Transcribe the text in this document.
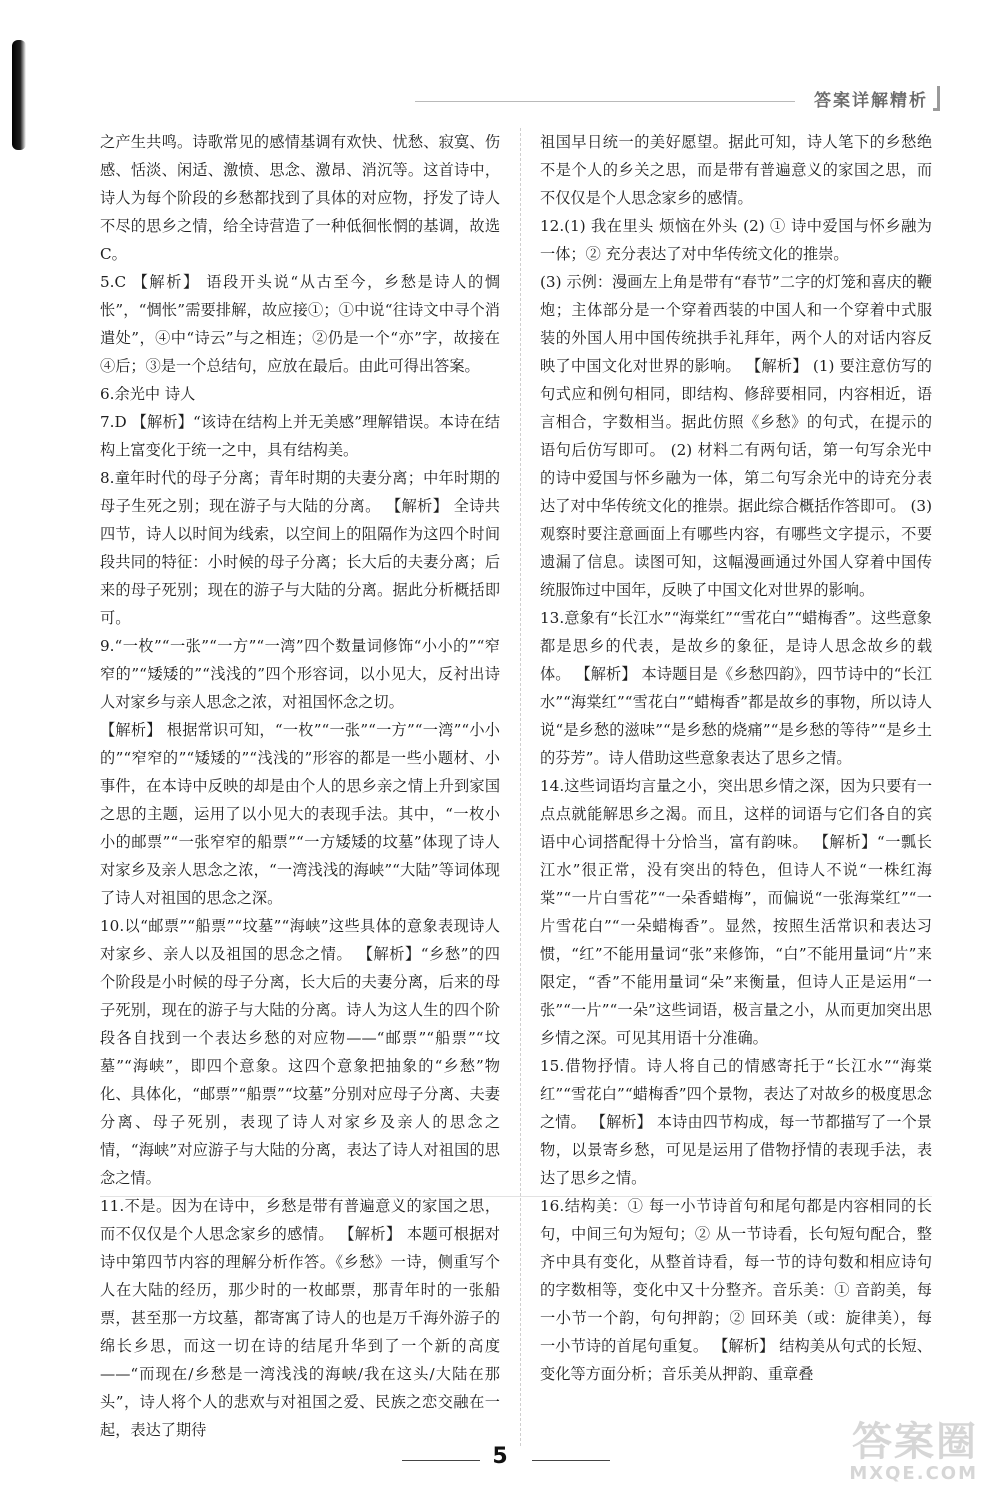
答案详解精析
之产生共鸣。诗歌常见的感情基调有欢快、忧愁、寂寞、伤感、恬淡、闲适、激愤、思念、激昂、消沉等。这首诗中，诗人为每个阶段的乡愁都找到了具体的对应物，抒发了诗人不尽的思乡之情，给全诗营造了一种低徊怅惘的基调，故选C。
5.C 【解析】 语段开头说“从古至今，乡愁是诗人的惆怅”，“惆怅”需要排解，故应接①；①中说“往诗文中寻个消遣处”，④中“诗云”与之相连；②仍是一个“亦”字，故接在④后；③是一个总结句，应放在最后。由此可得出答案。
6.余光中 诗人
7.D 【解析】“该诗在结构上并无美感”理解错误。本诗在结构上富变化于统一之中，具有结构美。
8.童年时代的母子分离；青年时期的夫妻分离；中年时期的母子生死之别；现在游子与大陆的分离。 【解析】 全诗共四节，诗人以时间为线索，以空间上的阻隔作为这四个时间段共同的特征：小时候的母子分离；长大后的夫妻分离；后来的母子死别；现在的游子与大陆的分离。据此分析概括即可。
9.“一枚”“一张”“一方”“一湾”四个数量词修饰“小小的”“窄窄的”“矮矮的”“浅浅的”四个形容词，以小见大，反衬出诗人对家乡与亲人思念之浓，对祖国怀念之切。
【解析】 根据常识可知，“一枚”“一张”“一方”“一湾”“小小的”“窄窄的”“矮矮的”“浅浅的”形容的都是一些小题材、小事件，在本诗中反映的却是由个人的思乡亲之情上升到家国之思的主题，运用了以小见大的表现手法。其中，“一枚小小的邮票”“一张窄窄的船票”“一方矮矮的坟墓”体现了诗人对家乡及亲人思念之浓，“一湾浅浅的海峡”“大陆”等词体现了诗人对祖国的思念之深。
10.以“邮票”“船票”“坟墓”“海峡”这些具体的意象表现诗人对家乡、亲人以及祖国的思念之情。 【解析】“乡愁”的四个阶段是小时候的母子分离，长大后的夫妻分离，后来的母子死别，现在的游子与大陆的分离。诗人为这人生的四个阶段各自找到一个表达乡愁的对应物——“邮票”“船票”“坟墓”“海峡”，即四个意象。这四个意象把抽象的“乡愁”物化、具体化，“邮票”“船票”“坟墓”分别对应母子分离、夫妻分离、母子死别，表现了诗人对家乡及亲人的思念之情，“海峡”对应游子与大陆的分离，表达了诗人对祖国的思念之情。
11.不是。因为在诗中，乡愁是带有普遍意义的家国之思，而不仅仅是个人思念家乡的感情。 【解析】 本题可根据对诗中第四节内容的理解分析作答。《乡愁》一诗，侧重写个人在大陆的经历，那少时的一枚邮票，那青年时的一张船票，甚至那一方坟墓，都寄寓了诗人的也是万千海外游子的绵长乡思，而这一切在诗的结尾升华到了一个新的高度——“而现在/乡愁是一湾浅浅的海峡/我在这头/大陆在那头”，诗人将个人的悲欢与对祖国之爱、民族之恋交融在一起，表达了期待
祖国早日统一的美好愿望。据此可知，诗人笔下的乡愁绝不是个人的乡关之思，而是带有普遍意义的家国之思，而不仅仅是个人思念家乡的感情。
12.(1) 我在里头 烦恼在外头 (2) ① 诗中爱国与怀乡融为一体；② 充分表达了对中华传统文化的推崇。
(3) 示例：漫画左上角是带有“春节”二字的灯笼和喜庆的鞭炮；主体部分是一个穿着西装的中国人和一个穿着中式服装的外国人用中国传统拱手礼拜年，两个人的对话内容反映了中国文化对世界的影响。 【解析】 (1) 要注意仿写的句式应和例句相同，即结构、修辞要相同，内容相近，语言相合，字数相当。据此仿照《乡愁》的句式，在提示的语句后仿写即可。 (2) 材料二有两句话，第一句写余光中的诗中爱国与怀乡融为一体，第二句写余光中的诗充分表达了对中华传统文化的推崇。据此综合概括作答即可。 (3) 观察时要注意画面上有哪些内容，有哪些文字提示，不要遗漏了信息。读图可知，这幅漫画通过外国人穿着中国传统服饰过中国年，反映了中国文化对世界的影响。
13.意象有“长江水”“海棠红”“雪花白”“蜡梅香”。这些意象都是思乡的代表，是故乡的象征，是诗人思念故乡的载体。 【解析】 本诗题目是《乡愁四韵》，四节诗中的“长江水”“海棠红”“雪花白”“蜡梅香”都是故乡的事物，所以诗人说“是乡愁的滋味”“是乡愁的烧痛”“是乡愁的等待”“是乡土的芬芳”。诗人借助这些意象表达了思乡之情。
14.这些词语均言量之小，突出思乡情之深，因为只要有一点点就能解思乡之渴。而且，这样的词语与它们各自的宾语中心词搭配得十分恰当，富有韵味。 【解析】“一瓢长江水”很正常，没有突出的特色，但诗人不说“一株红海棠”“一片白雪花”“一朵香蜡梅”，而偏说“一张海棠红”“一片雪花白”“一朵蜡梅香”。显然，按照生活常识和表达习惯，“红”不能用量词“张”来修饰，“白”不能用量词“片”来限定，“香”不能用量词“朵”来衡量，但诗人正是运用“一张”“一片”“一朵”这些词语，极言量之小，从而更加突出思乡情之深。可见其用语十分准确。
15.借物抒情。诗人将自己的情感寄托于“长江水”“海棠红”“雪花白”“蜡梅香”四个景物，表达了对故乡的极度思念之情。 【解析】 本诗由四节构成，每一节都描写了一个景物，以景寄乡愁，可见是运用了借物抒情的表现手法，表达了思乡之情。
16.结构美：① 每一小节诗首句和尾句都是内容相同的长句，中间三句为短句；② 从一节诗看，长句短句配合，整齐中具有变化，从整首诗看，每一节的诗句数和相应诗句的字数相等，变化中又十分整齐。音乐美：① 音韵美，每一小节一个韵，句句押韵；② 回环美（或：旋律美），每一小节诗的首尾句重复。 【解析】 结构美从句式的长短、变化等方面分析；音乐美从押韵、重章叠
5	答案圈
MXQE.COM
